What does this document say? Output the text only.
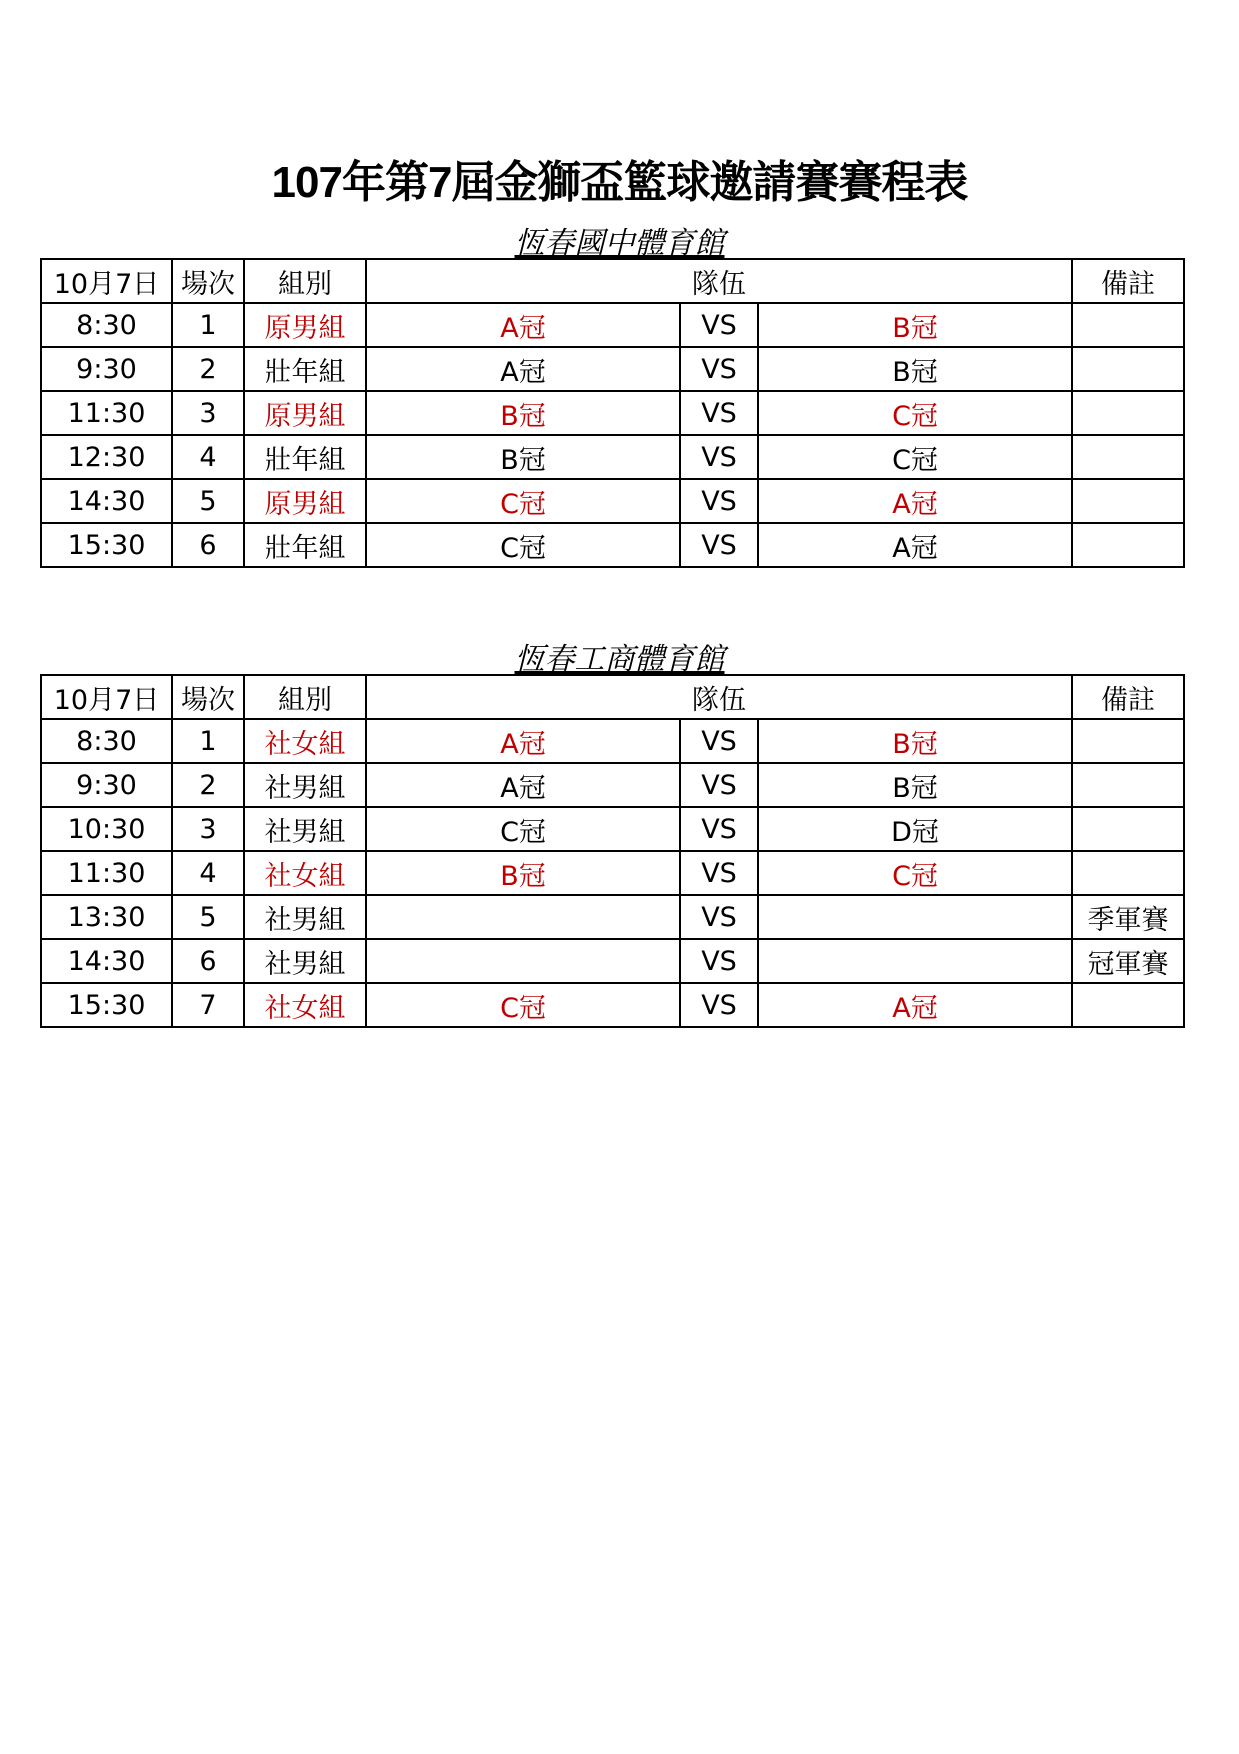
107年第7屆金獅盃籃球邀請賽賽程表
恆春國中體育館
10月7日	場次	組別	隊伍			備註
8:30	1	原男組	A冠	VS	B冠	
9:30	2	壯年組	A冠	VS	B冠	
11:30	3	原男組	B冠	VS	C冠	
12:30	4	壯年組	B冠	VS	C冠	
14:30	5	原男組	C冠	VS	A冠	
15:30	6	壯年組	C冠	VS	A冠	
恆春工商體育館
10月7日	場次	組別	隊伍			備註
8:30	1	社女組	A冠	VS	B冠	
9:30	2	社男組	A冠	VS	B冠	
10:30	3	社男組	C冠	VS	D冠	
11:30	4	社女組	B冠	VS	C冠	
13:30	5	社男組		VS		季軍賽
14:30	6	社男組		VS		冠軍賽
15:30	7	社女組	C冠	VS	A冠	
